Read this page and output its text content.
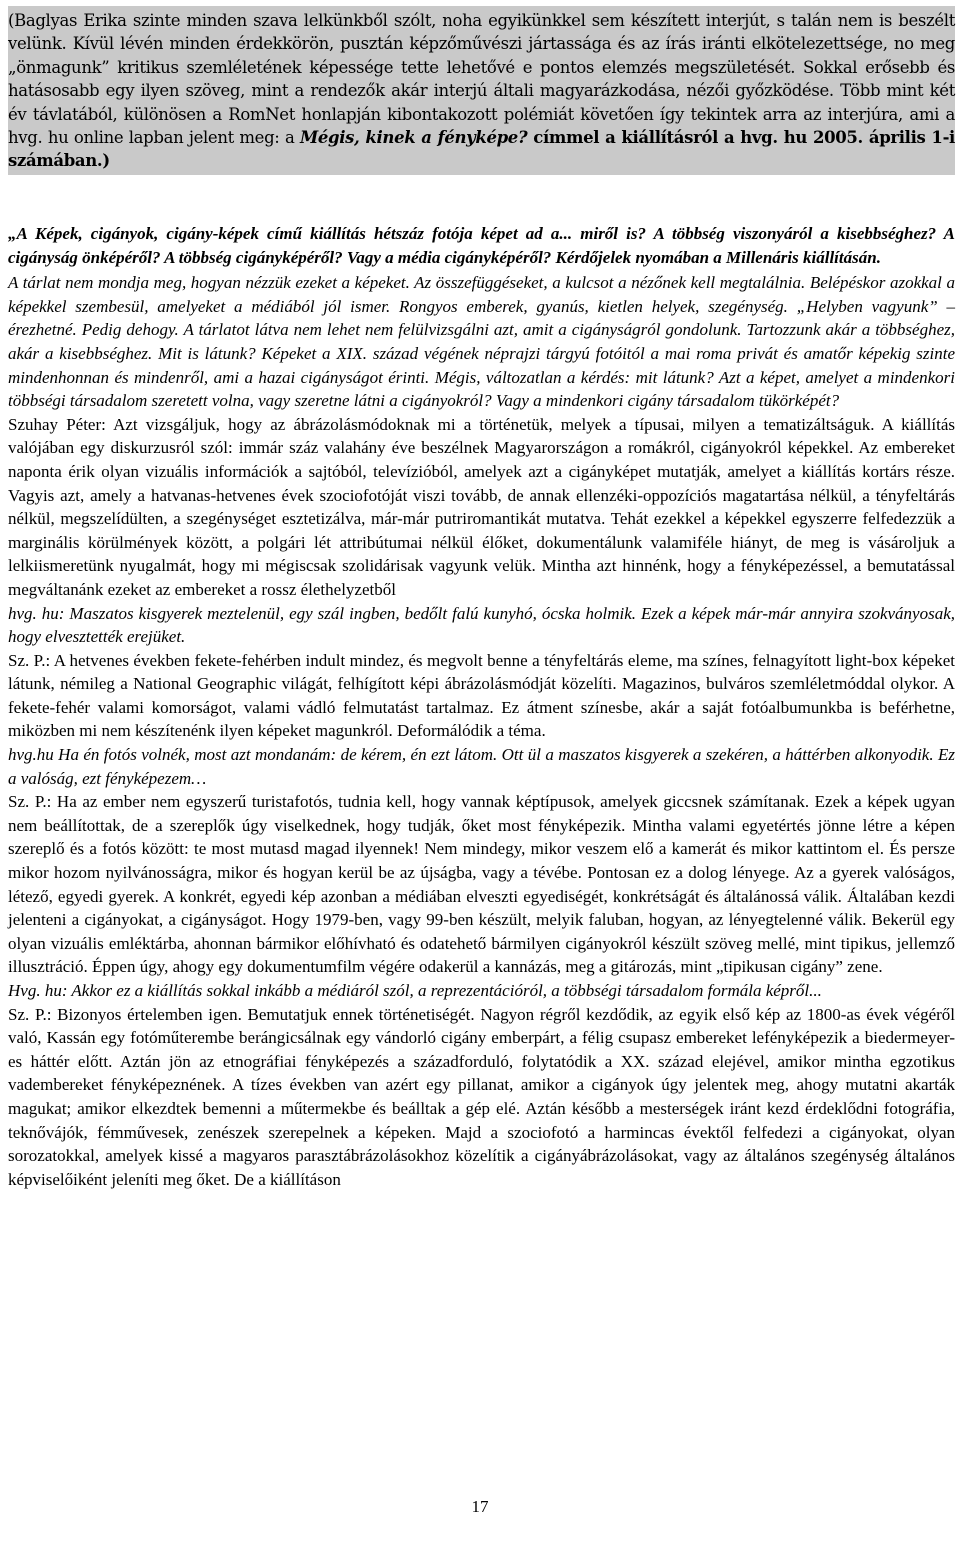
(Baglyas Erika szinte minden szava lelkünkből szólt, noha egyikünkkel sem készített interjút, s talán nem is beszélt velünk. Kívül lévén minden érdekkörön, pusztán képzőművészi jártassága és az írás iránti elkötelezettsége, no meg „önmagunk” kritikus szemléletének képessége tette lehetővé e pontos elemzés megszületését. Sokkal erősebb és hatásosabb egy ilyen szöveg, mint a rendezők akár interjú általi magyarázkodása, nézői győzködése. Több mint két év távlatából, különösen a RomNet honlapján kibontakozott polémiát követően így tekintek arra az interjúra, ami a hvg. hu online lapban jelent meg: a Mégis, kinek a fényképe? címmel a kiállításról a hvg. hu 2005. április 1-i számában.)

„A Képek, cigányok, cigány-képek című kiállítás hétszáz fotója képet ad a... miről is? A többség viszonyáról a kisebbséghez? A cigányság önképéről? A többség cigányképéről? Vagy a média cigányképéről? Kérdőjelek nyomában a Millenáris kiállításán.

A tárlat nem mondja meg, hogyan nézzük ezeket a képeket. Az összefüggéseket, a kulcsot a nézőnek kell megtalálnia. Belépéskor azokkal a képekkel szembesül, amelyeket a médiából jól ismer. Rongyos emberek, gyanús, kietlen helyek, szegénység. „Helyben vagyunk” – érezhetné. Pedig dehogy. A tárlatot látva nem lehet nem felülvizsgálni azt, amit a cigányságról gondolunk. Tartozzunk akár a többséghez, akár a kisebbséghez. Mit is látunk? Képeket a XIX. század végének néprajzi tárgyú fotóitól a mai roma privát és amatőr képekig szinte mindenhonnan és mindenről, ami a hazai cigányságot érinti. Mégis, változatlan a kérdés: mit látunk? Azt a képet, amelyet a mindenkori többségi társadalom szeretett volna, vagy szeretne látni a cigányokról? Vagy a mindenkori cigány társadalom tükörképét?

Szuhay Péter: Azt vizsgáljuk, hogy az ábrázolásmódoknak mi a történetük, melyek a típusai, milyen a tematizáltságuk. A kiállítás valójában egy diskurzusról szól: immár száz valahány éve beszélnek Magyarországon a romákról, cigányokról képekkel. Az embereket naponta érik olyan vizuális információk a sajtóból, televízióból, amelyek azt a cigányképet mutatják, amelyet a kiállítás kortárs része. Vagyis azt, amely a hatvanas-hetvenes évek szociofotóját viszi tovább, de annak ellenzéki-oppozíciós magatartása nélkül, a tényfeltárás nélkül, megszelídülten, a szegénységet esztetizálva, már-már putriromantikát mutatva. Tehát ezekkel a képekkel egyszerre felfedezzük a marginális körülmények között, a polgári lét attribútumai nélkül élőket, dokumentálunk valamiféle hiányt, de meg is vásároljuk a lelkiismeretünk nyugalmát, hogy mi mégiscsak szolidárisak vagyunk velük. Mintha azt hinnénk, hogy a fényképezéssel, a bemutatással megváltanánk ezeket az embereket a rossz élethelyzetből

hvg. hu: Maszatos kisgyerek meztelenül, egy szál ingben, bedőlt falú kunyhó, ócska holmik. Ezek a képek már-már annyira szokványosak, hogy elvesztették erejüket.

Sz. P.: A hetvenes években fekete-fehérben indult mindez, és megvolt benne a tényfeltárás eleme, ma színes, felnagyított light-box képeket látunk, némileg a National Geographic világát, felhígított képi ábrázolásmódját közelíti. Magazinos, bulváros szemléletmóddal olykor. A fekete-fehér valami komorságot, valami vádló felmutatást tartalmaz. Ez átment színesbe, akár a saját fotóalbumunkba is beférhetne, miközben mi nem készítenénk ilyen képeket magunkról. Deformálódik a téma.

hvg.hu Ha én fotós volnék, most azt mondanám: de kérem, én ezt látom. Ott ül a maszatos kisgyerek a szekéren, a háttérben alkonyodik. Ez a valóság, ezt fényképezem…

Sz. P.: Ha az ember nem egyszerű turistafotós, tudnia kell, hogy vannak képtípusok, amelyek giccsnek számítanak. Ezek a képek ugyan nem beállítottak, de a szereplők úgy viselkednek, hogy tudják, őket most fényképezik. Mintha valami egyetértés jönne létre a képen szereplő és a fotós között: te most mutasd magad ilyennek! Nem mindegy, mikor veszem elő a kamerát és mikor kattintom el. És persze mikor hozom nyilvánosságra, mikor és hogyan kerül be az újságba, vagy a tévébe. Pontosan ez a dolog lényege. Az a gyerek valóságos, létező, egyedi gyerek. A konkrét, egyedi kép azonban a médiában elveszti egyediségét, konkrétságát és általánossá válik. Általában kezdi jelenteni a cigányokat, a cigányságot. Hogy 1979-ben, vagy 99-ben készült, melyik faluban, hogyan, az lényegtelenné válik. Bekerül egy olyan vizuális emléktárba, ahonnan bármikor előhívható és odatehető bármilyen cigányokról készült szöveg mellé, mint tipikus, jellemző illusztráció. Éppen úgy, ahogy egy dokumentumfilm végére odakerül a kannázás, meg a gitározás, mint „tipikusan cigány” zene.

Hvg. hu: Akkor ez a kiállítás sokkal inkább a médiáról szól, a reprezentációról, a többségi társadalom formála képről...

Sz. P.: Bizonyos értelemben igen. Bemutatjuk ennek történetiségét. Nagyon régről kezdődik, az egyik első kép az 1800-as évek végéről való, Kassán egy fotóműterembe berángicsálnak egy vándorló cigány emberpárt, a félig csupasz embereket lefényképezik a biedermeyer-es háttér előtt. Aztán jön az etnográfiai fényképezés a századforduló, folytatódik a XX. század elejével, amikor mintha egzotikus vadembereket fényképeznének. A tízes években van azért egy pillanat, amikor a cigányok úgy jelentek meg, ahogy mutatni akarták magukat; amikor elkezdtek bemenni a műtermekbe és beálltak a gép elé. Aztán később a mesterségek iránt kezd érdeklődni fotográfia, teknővájók, fémművesek, zenészek szerepelnek a képeken. Majd a szociofotó a harmincas évektől felfedezi a cigányokat, olyan sorozatokkal, amelyek kissé a magyaros parasztábrázolásokhoz közelítik a cigányábrázolásokat, vagy az általános szegénység általános képviselőiként jeleníti meg őket. De a kiállításon

17
